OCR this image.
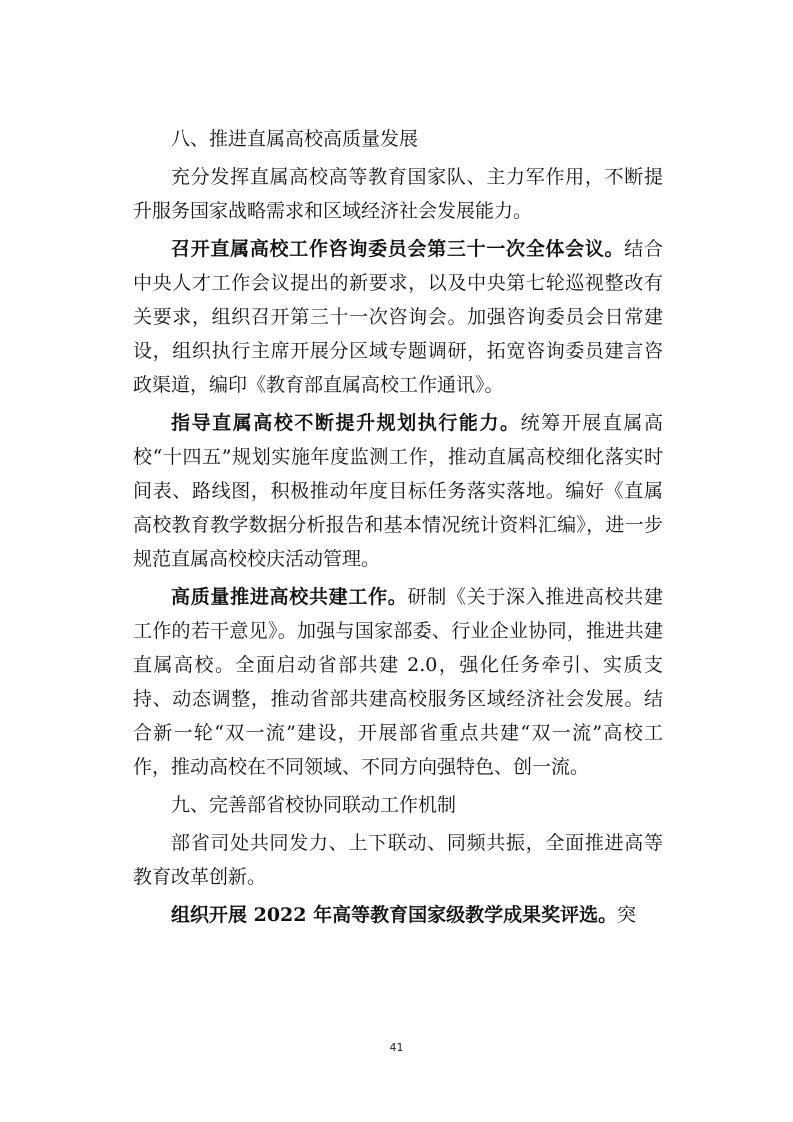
八、推进直属高校高质量发展

充分发挥直属高校高等教育国家队、主力军作用，不断提升服务国家战略需求和区域经济社会发展能力。

召开直属高校工作咨询委员会第三十一次全体会议。结合中央人才工作会议提出的新要求，以及中央第七轮巡视整改有关要求，组织召开第三十一次咨询会。加强咨询委员会日常建设，组织执行主席开展分区域专题调研，拓宽咨询委员建言咨政渠道，编印《教育部直属高校工作通讯》。

指导直属高校不断提升规划执行能力。统筹开展直属高校“十四五”规划实施年度监测工作，推动直属高校细化落实时间表、路线图，积极推动年度目标任务落实落地。编好《直属高校教育教学数据分析报告和基本情况统计资料汇编》，进一步规范直属高校校庆活动管理。

高质量推进高校共建工作。研制《关于深入推进高校共建工作的若干意见》。加强与国家部委、行业企业协同，推进共建直属高校。全面启动省部共建 2.0，强化任务牵引、实质支持、动态调整，推动省部共建高校服务区域经济社会发展。结合新一轮“双一流”建设，开展部省重点共建“双一流”高校工作，推动高校在不同领域、不同方向强特色、创一流。

九、完善部省校协同联动工作机制

部省司处共同发力、上下联动、同频共振，全面推进高等教育改革创新。

组织开展 2022 年高等教育国家级教学成果奖评选。突

41
